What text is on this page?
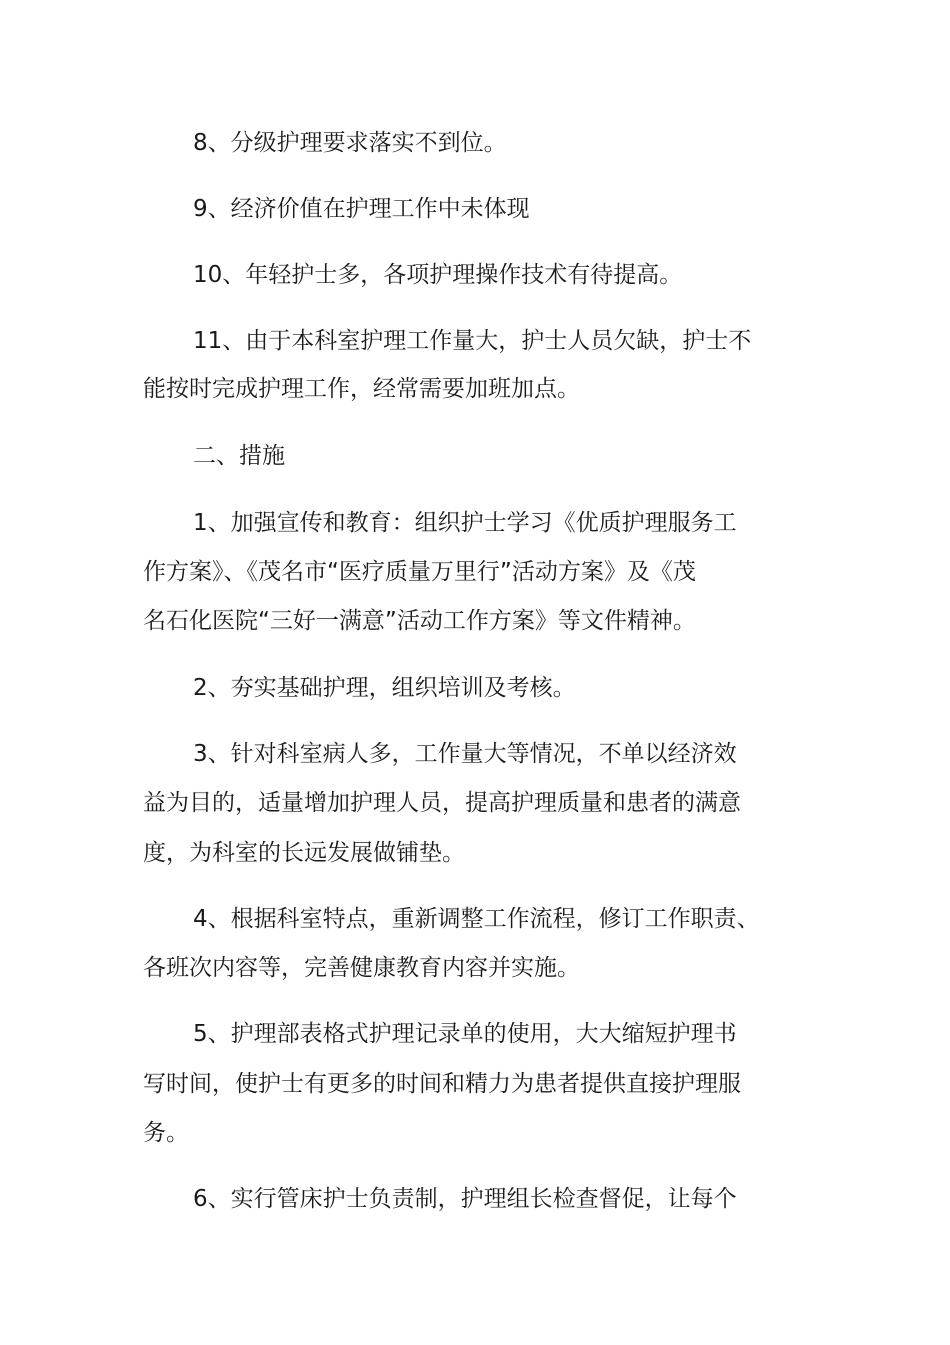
8、分级护理要求落实不到位。
9、经济价值在护理工作中未体现
10、年轻护士多，各项护理操作技术有待提高。
11、由于本科室护理工作量大，护士人员欠缺，护士不
能按时完成护理工作，经常需要加班加点。
二、措施
1、加强宣传和教育：组织护士学习《优质护理服务工
作方案》、《茂名市“医疗质量万里行”活动方案》及《茂
名石化医院“三好一满意”活动工作方案》等文件精神。
2、夯实基础护理，组织培训及考核。
3、针对科室病人多，工作量大等情况，不单以经济效
益为目的，适量增加护理人员，提高护理质量和患者的满意
度，为科室的长远发展做铺垫。
4、根据科室特点，重新调整工作流程，修订工作职责、
各班次内容等，完善健康教育内容并实施。
5、护理部表格式护理记录单的使用，大大缩短护理书
写时间，使护士有更多的时间和精力为患者提供直接护理服
务。
6、实行管床护士负责制，护理组长检查督促，让每个
